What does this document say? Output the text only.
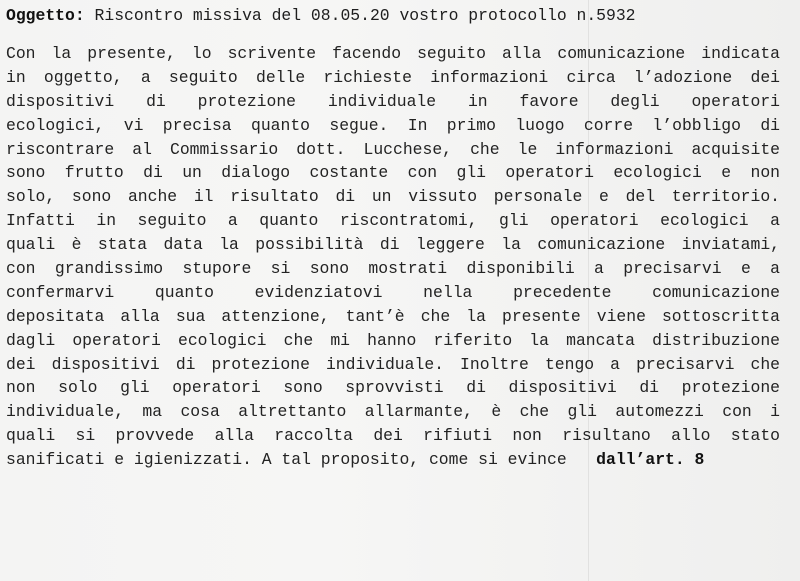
Oggetto: Riscontro missiva del 08.05.20 vostro protocollo n.5932
Con la presente, lo scrivente facendo seguito alla comunicazione indicata
in oggetto, a seguito delle richieste informazioni circa l’adozione dei
dispositivi di protezione individuale in favore degli operatori
ecologici, vi precisa quanto segue. In primo luogo corre l’obbligo di
riscontrare al Commissario dott. Lucchese, che le informazioni acquisite
sono frutto di un dialogo costante con gli operatori ecologici e non
solo, sono anche il risultato di un vissuto personale e del territorio.
Infatti in seguito a quanto riscontratomi, gli operatori ecologici a
quali è stata data la possibilità di leggere la comunicazione inviatami,
con grandissimo stupore si sono mostrati disponibili a precisarvi e a
confermarvi quanto evidenziatovi nella precedente comunicazione
depositata alla sua attenzione, tant’è che la presente viene sottoscritta
dagli operatori ecologici che mi hanno riferito la mancata distribuzione
dei dispositivi di protezione individuale. Inoltre tengo a precisarvi che
non solo gli operatori sono sprovvisti di dispositivi di protezione
individuale, ma cosa altrettanto allarmante, è che gli automezzi con i
quali si provvede alla raccolta dei rifiuti non risultano allo stato
sanificati e igienizzati. A tal proposito, come si evince dall’art. 8
